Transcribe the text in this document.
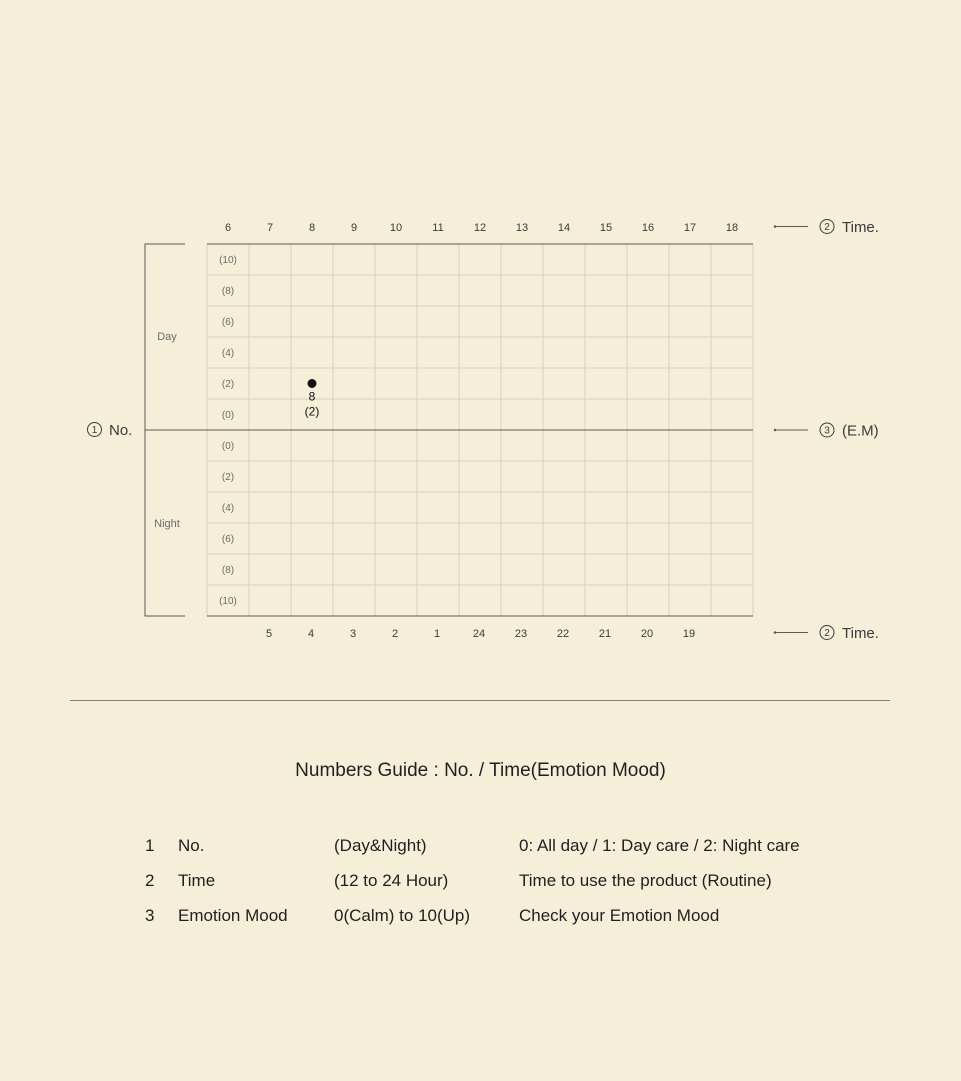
Day
Night
6	7	8	9	10	11	12	13	14	15	16	17	18
5	4	3	2	1	24	23	22	21	20	19
(10)
(8)
(6)
(4)
(2)
(0)
(0)
(2)
(4)
(6)
(8)
(10)
8
(2)
2 Time.
3 (E.M)
2 Time.
1 No.
Numbers Guide : No. / Time(Emotion Mood)
1 No.	(Day&Night)	0: All day / 1: Day care / 2: Night care
2 Time	(12 to 24 Hour)	Time to use the product (Routine)
3 Emotion Mood	0(Calm) to 10(Up)	Check your Emotion Mood
